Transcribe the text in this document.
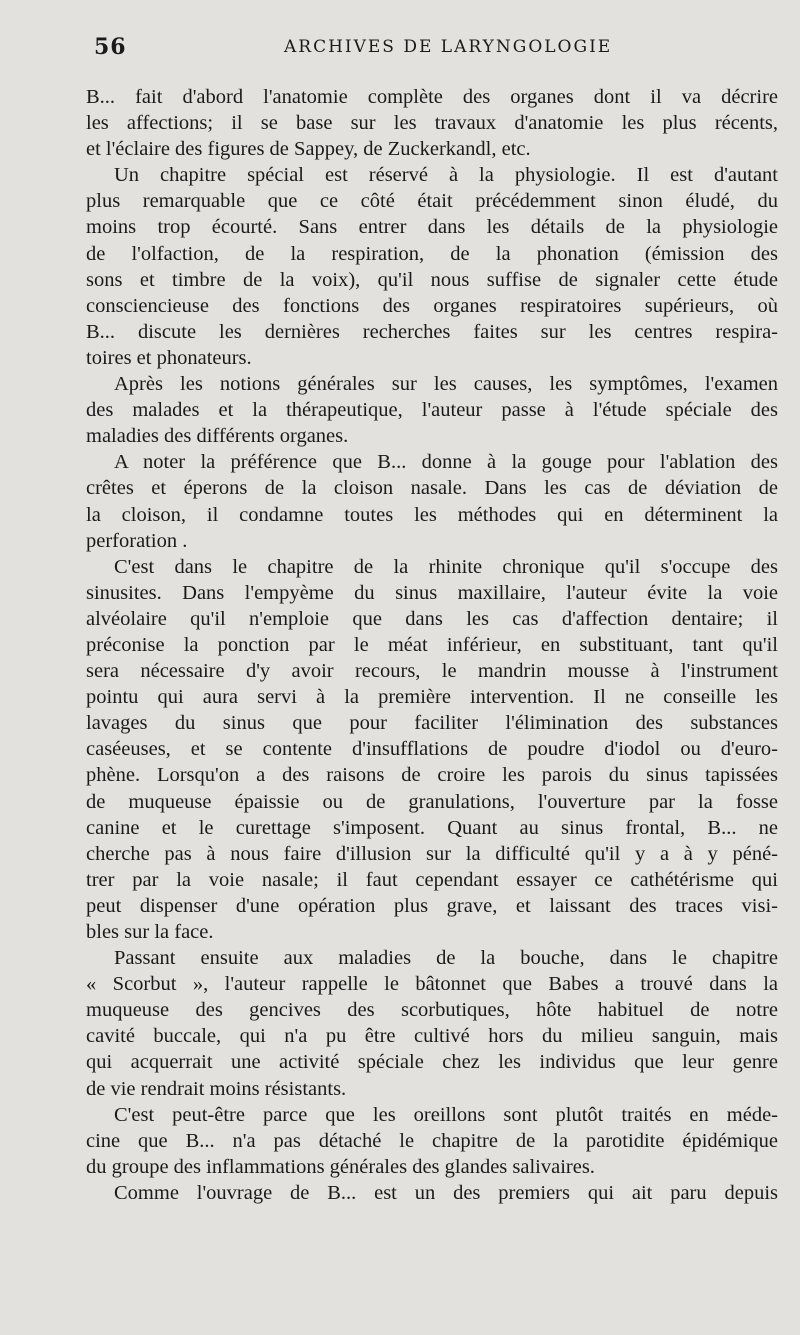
56	ARCHIVES DE LARYNGOLOGIE
B... fait d'abord l'anatomie complète des organes dont il va décrire
les affections; il se base sur les travaux d'anatomie les plus récents,
et l'éclaire des figures de Sappey, de Zuckerkandl, etc.
Un chapitre spécial est réservé à la physiologie. Il est d'autant
plus remarquable que ce côté était précédemment sinon éludé, du
moins trop écourté. Sans entrer dans les détails de la physiologie
de l'olfaction, de la respiration, de la phonation (émission des
sons et timbre de la voix), qu'il nous suffise de signaler cette étude
consciencieuse des fonctions des organes respiratoires supérieurs, où
B... discute les dernières recherches faites sur les centres respira-
toires et phonateurs.
Après les notions générales sur les causes, les symptômes, l'examen
des malades et la thérapeutique, l'auteur passe à l'étude spéciale des
maladies des différents organes.
A noter la préférence que B... donne à la gouge pour l'ablation des
crêtes et éperons de la cloison nasale. Dans les cas de déviation de
la cloison, il condamne toutes les méthodes qui en déterminent la
perforation .
C'est dans le chapitre de la rhinite chronique qu'il s'occupe des
sinusites. Dans l'empyème du sinus maxillaire, l'auteur évite la voie
alvéolaire qu'il n'emploie que dans les cas d'affection dentaire; il
préconise la ponction par le méat inférieur, en substituant, tant qu'il
sera nécessaire d'y avoir recours, le mandrin mousse à l'instrument
pointu qui aura servi à la première intervention. Il ne conseille les
lavages du sinus que pour faciliter l'élimination des substances
caséeuses, et se contente d'insufflations de poudre d'iodol ou d'euro-
phène. Lorsqu'on a des raisons de croire les parois du sinus tapissées
de muqueuse épaissie ou de granulations, l'ouverture par la fosse
canine et le curettage s'imposent. Quant au sinus frontal, B... ne
cherche pas à nous faire d'illusion sur la difficulté qu'il y a à y péné-
trer par la voie nasale; il faut cependant essayer ce cathétérisme qui
peut dispenser d'une opération plus grave, et laissant des traces visi-
bles sur la face.
Passant ensuite aux maladies de la bouche, dans le chapitre
« Scorbut », l'auteur rappelle le bâtonnet que Babes a trouvé dans la
muqueuse des gencives des scorbutiques, hôte habituel de notre
cavité buccale, qui n'a pu être cultivé hors du milieu sanguin, mais
qui acquerrait une activité spéciale chez les individus que leur genre
de vie rendrait moins résistants.
C'est peut-être parce que les oreillons sont plutôt traités en méde-
cine que B... n'a pas détaché le chapitre de la parotidite épidémique
du groupe des inflammations générales des glandes salivaires.
Comme l'ouvrage de B... est un des premiers qui ait paru depuis
